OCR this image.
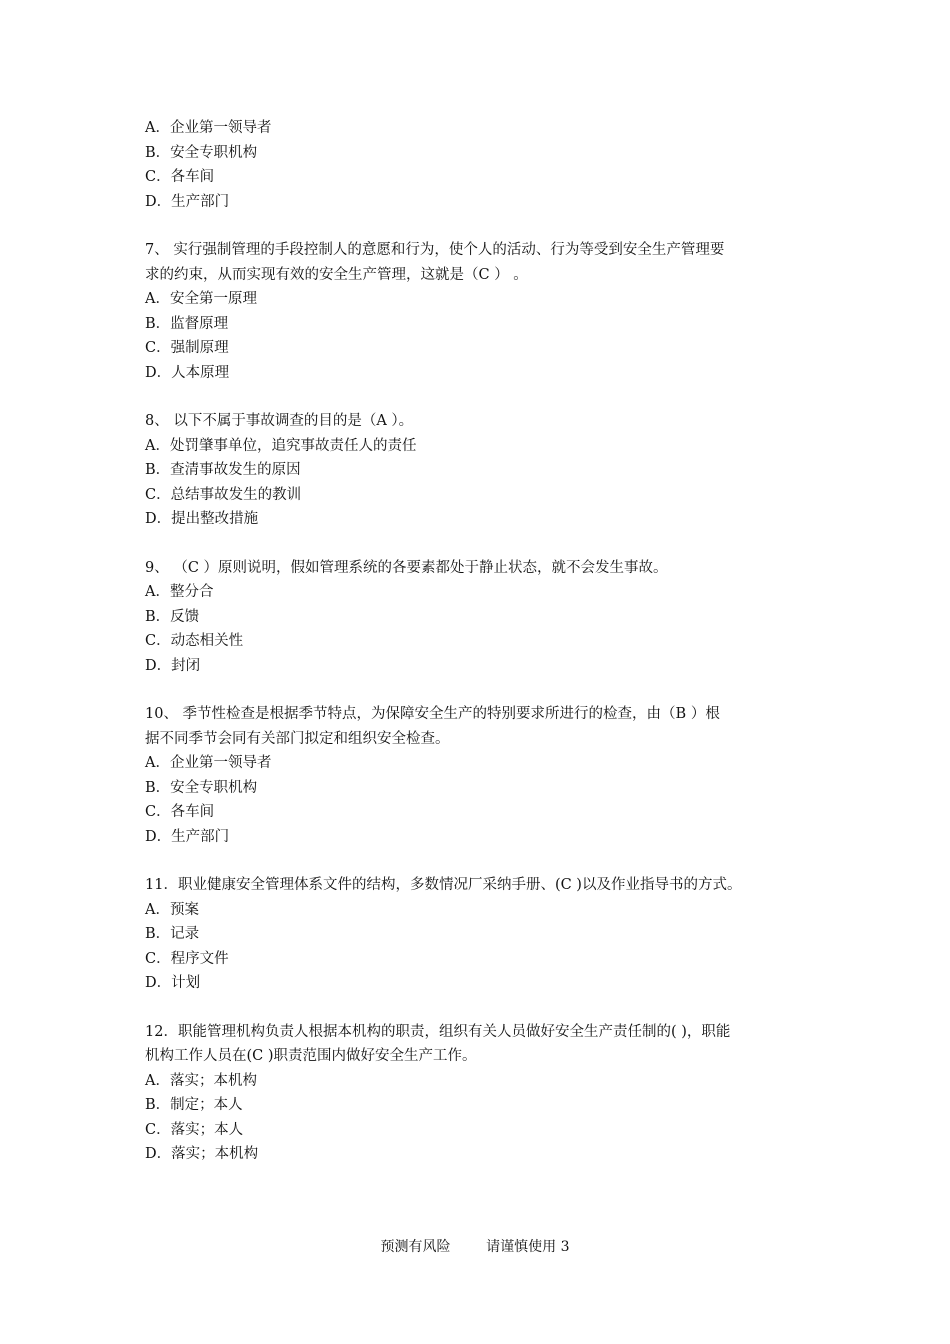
A．企业第一领导者
B．安全专职机构
C．各车间
D．生产部门
7、 实行强制管理的手段控制人的意愿和行为，使个人的活动、行为等受到安全生产管理要
求的约束，从而实现有效的安全生产管理，这就是（C ） 。
A．安全第一原理
B．监督原理
C．强制原理
D．人本原理
8、 以下不属于事故调查的目的是（A ）。
A．处罚肇事单位，追究事故责任人的责任
B．查清事故发生的原因
C．总结事故发生的教训
D．提出整改措施
9、 （C ）原则说明，假如管理系统的各要素都处于静止状态，就不会发生事故。
A．整分合
B．反馈
C．动态相关性
D．封闭
10、 季节性检查是根据季节特点，为保障安全生产的特别要求所进行的检查，由（B ）根
据不同季节会同有关部门拟定和组织安全检查。
A．企业第一领导者
B．安全专职机构
C．各车间
D．生产部门
11．职业健康安全管理体系文件的结构，多数情况厂采纳手册、(C )以及作业指导书的方式。
A．预案
B．记录
C．程序文件
D．计划
12．职能管理机构负责人根据本机构的职责，组织有关人员做好安全生产责任制的( )，职能
机构工作人员在(C )职责范围内做好安全生产工作。
A．落实；本机构
B．制定；本人
C．落实；本人
D．落实；本机构
预测有风险	请谨慎使用 3
